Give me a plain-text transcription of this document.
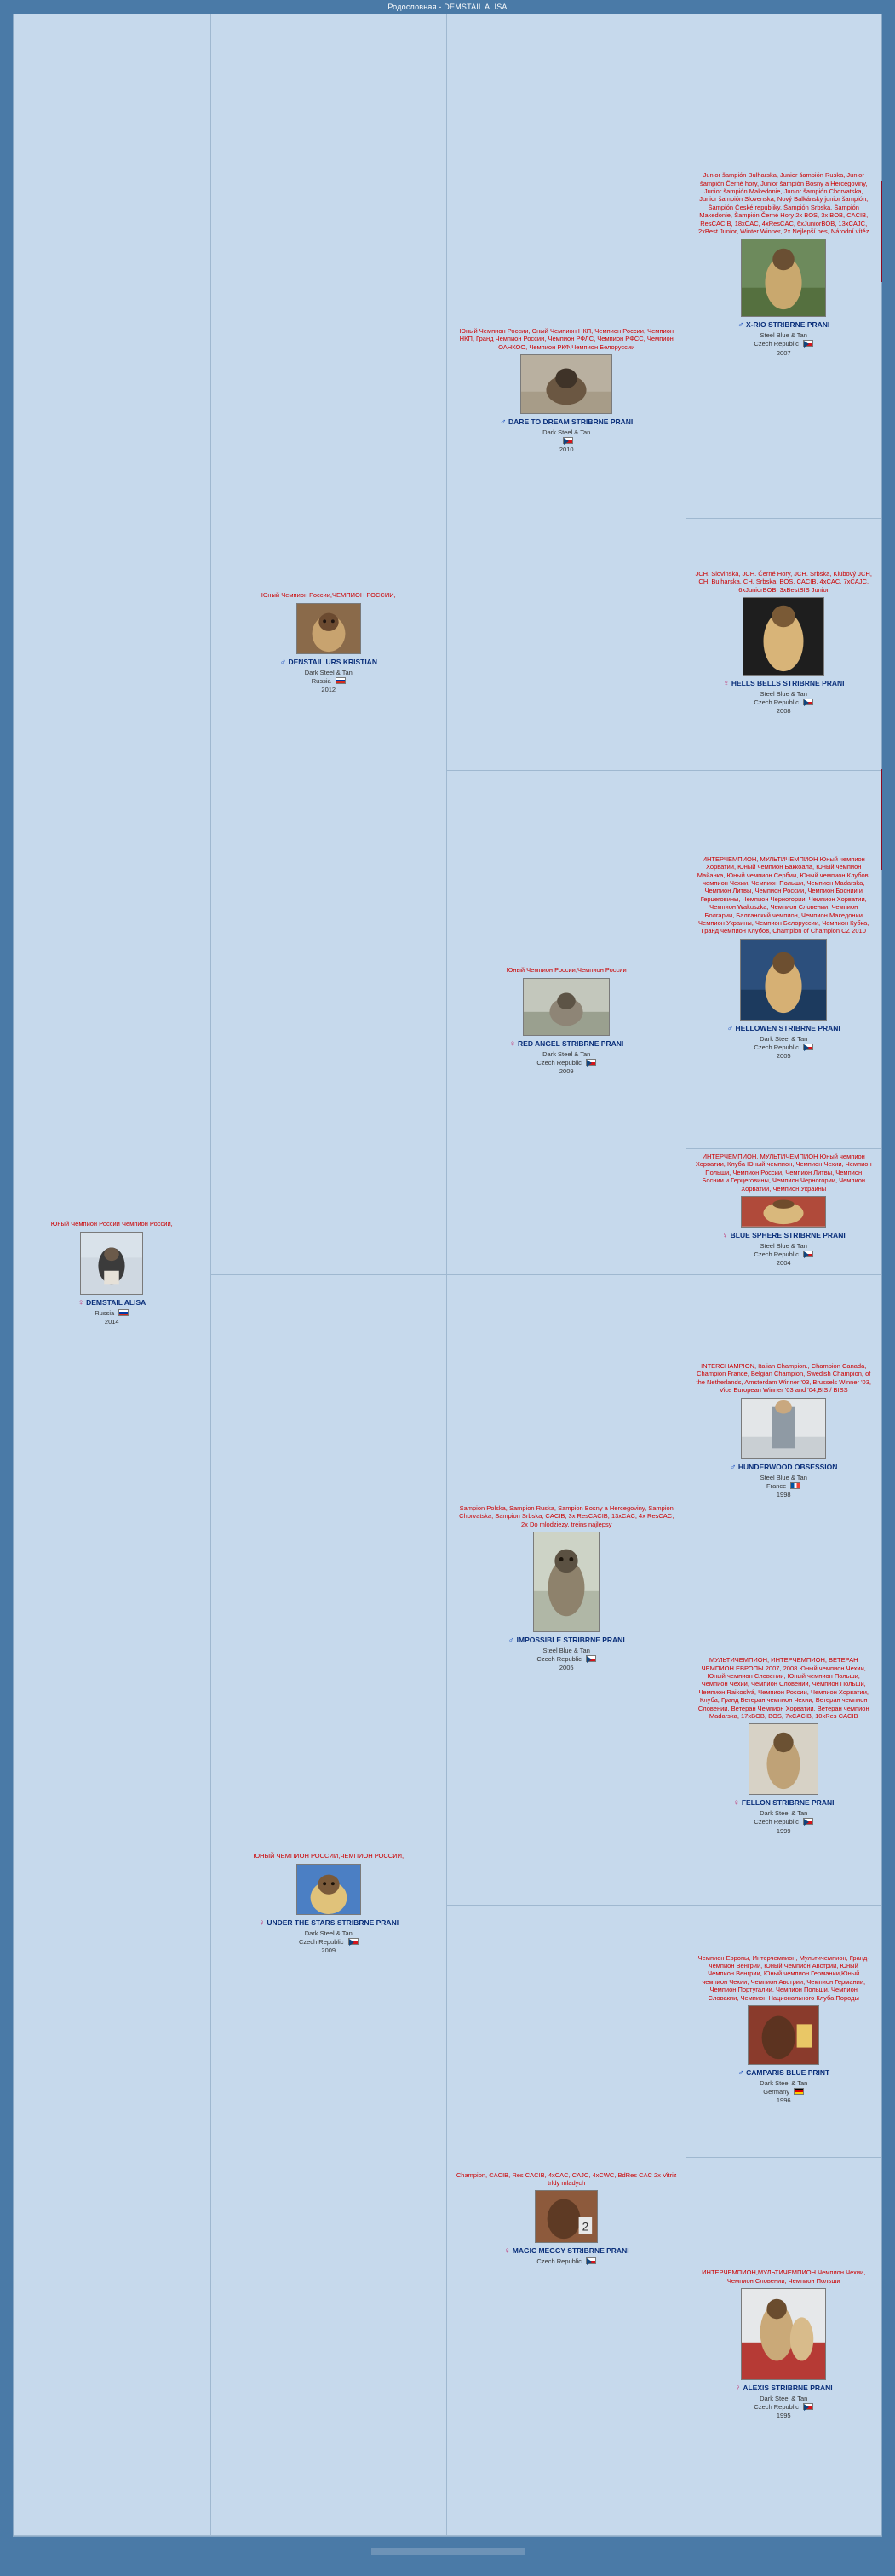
Родословная - DEMSTAIL ALISA
Юный Чемпион России Чемпион России,
♀ DEMSTAIL ALISA
Russia
2014
Юный Чемпион России,ЧЕМПИОН РОССИИ,
♂ DENSTAIL URS KRISTIAN
Dark Steel & Tan
Russia
2012
ЮНЫЙ ЧЕМПИОН РОССИИ,ЧЕМПИОН РОССИИ,
♀ UNDER THE STARS STRIBRNE PRANI
Dark Steel & Tan
Czech Republic
2009
Юный Чемпион России,Юный Чемпион НКП, Чемпион России, Чемпион НКП, Гранд Чемпион России, Чемпион РФЛС, Чемпион РФСС, Чемпион ОАНКОО, Чемпион РКФ,Чемпион Белоруссии
♂ DARE TO DREAM STRIBRNE PRANI
Dark Steel & Tan
2010
Юный Чемпион России,Чемпион России
♀ RED ANGEL STRIBRNE PRANI
Dark Steel & Tan
Czech Republic
2009
Sampion Polska, Sampion Ruska, Sampion Bosny a Hercegoviny, Sampion Chorvatska, Sampion Srbska, CACIB, 3x ResCACIB, 13xCAC, 4x ResCAC, 2x Do mlodziezy, treins najlepsy
♂ IMPOSSIBLE STRIBRNE PRANI
Steel Blue & Tan
Czech Republic
2005
Champion, CACIB, Res CACIB, 4xCAC, CAJC, 4xCWC, BdRes CAC 2x Vitriz trldy mladych
2
♀ MAGIC MEGGY STRIBRNE PRANI
Czech Republic
Junior šampión Bulharska, Junior šampión Ruska, Junior šampión Černé hory, Junior šampión Bosny a Hercegoviny, Junior šampión Makedonie, Junior šampión Chorvatska, Junior šampión Slovenska, Nový Balkánsky junior šampión, Šampión České republiky, Šampión Srbska, Šampión Makedonie, Šampión Černé Hory 2x BOS, 3x BOB, CACIB, ResCACIB, 18xCAC, 4xResCAC, 6xJuniorBOB, 13xCAJC, 2xBest Junior, Winter Winner, 2x Nejlepší pes, Národní vítěz
♂ X-RIO STRIBRNE PRANI
Steel Blue & Tan
Czech Republic
2007
JCH. Slovinska, JCH. Černé Hory, JCH. Srbska, Klubový JCH, CH. Bulharska, CH. Srbska, BOS, CACIB, 4xCAC, 7xCAJC, 6xJuniorBOB, 3xBestBIS Junior
♀ HELLS BELLS STRIBRNE PRANI
Steel Blue & Tan
Czech Republic
2008
ИНТЕРЧЕМПИОН, МУЛЬТИЧЕМПИОН Юный чемпион Хорватии, Юный чемпион Баккоала, Юный чемпион Майанка, Юный чемпион Сербии, Юный чемпион Клубов, чемпион Чехии, Чемпион Польши, Чемпион Madarska, Чемпион Литвы, Чемпион России, Чемпион Боснии и Герцеговины, Чемпион Черногории, Чемпион Хорватии, Чемпион Wakuszka, Чемпион Словении, Чемпион Болгарии, Балканский чемпион, Чемпион Македонии Чемпион Украины, Чемпион Белоруссии, Чемпион Кубка, Гранд чемпион Клубов, Champion of Champion CZ 2010
♂ HELLOWEN STRIBRNE PRANI
Dark Steel & Tan
Czech Republic
2005
ИНТЕРЧЕМПИОН, МУЛЬТИЧЕМПИОН Юный чемпион Хорватии, Клубa Юный чемпион, Чемпион Чехии, Чемпион Польши, Чемпион России, Чемпион Литвы, Чемпион Боснии и Герцеговины, Чемпион Черногории, Чемпион Хорватии, Чемпион Украины
♀ BLUE SPHERE STRIBRNE PRANI
Steel Blue & Tan
Czech Republic
2004
INTERCHAMPION, Italian Champion., Champion Canada, Champion France, Belgian Champion, Swedish Champion, of the Netherlands, Amsterdam Winner '03, Brussels Winner '03, Vice European Winner '03 and '04,BIS / BISS
♂ HUNDERWOOD OBSESSION
Steel Blue & Tan
France
1998
МУЛЬТИЧЕМПИОН, ИНТЕРЧЕМПИОН, ВЕТЕРАН ЧЕМПИОН ЕВРОПЫ 2007, 2008 Юный чемпион Чехии, Юный чемпион Словении, Юный чемпион Польши, Чемпион Чехии, Чемпион Словении, Чемпион Польши, Чемпион Raikoslvá, Чемпион России, Чемпион Хорватии, Клуба, Гранд Ветеран чемпион Чехии, Ветеран чемпион Словении, Ветеран Чемпион Хорватии, Ветеран чемпион Madarska, 17xBOB, BOS, 7xCACIB, 10xRes CACIB
♀ FELLON STRIBRNE PRANI
Dark Steel & Tan
Czech Republic
1999
Чемпион Европы, Интерчемпион, Мультичемпион, Гранд-чемпион Венгрии, Юный Чемпион Австрии, Юный Чемпион Венгрии, Юный чемпион Германии,Юный чемпион Чехии, Чемпион Австрии, Чемпион Германии, Чемпион Португалии, Чемпион Польши, Чемпион Словакии, Чемпион Национального Клуба Породы
♂ CAMPARIS BLUE PRINT
Dark Steel & Tan
Germany
1996
ИНТЕРЧЕМПИОН,МУЛЬТИЧЕМПИОН Чемпион Чехии, Чемпион Словении, Чемпион Польши
♀ ALEXIS STRIBRNE PRANI
Dark Steel & Tan
Czech Republic
1995
